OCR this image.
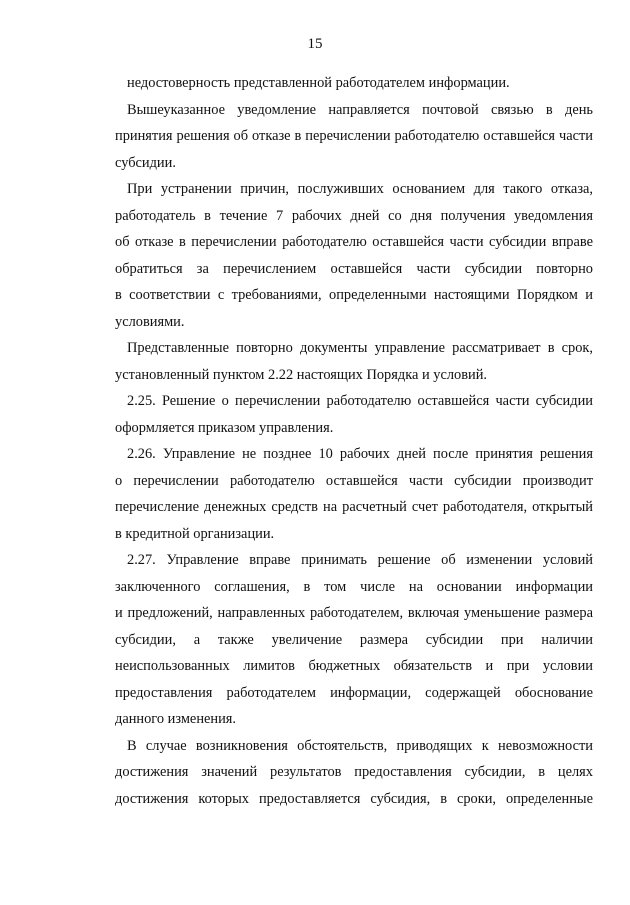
15
недостоверность представленной работодателем информации.
Вышеуказанное уведомление направляется почтовой связью в день
принятия решения об отказе в перечислении работодателю оставшейся части
субсидии.
При устранении причин, послуживших основанием для такого отказа,
работодатель в течение 7 рабочих дней со дня получения уведомления
об отказе в перечислении работодателю оставшейся части субсидии вправе
обратиться за перечислением оставшейся части субсидии повторно
в соответствии с требованиями, определенными настоящими Порядком и
условиями.
Представленные повторно документы управление рассматривает в срок,
установленный пунктом 2.22 настоящих Порядка и условий.
2.25. Решение о перечислении работодателю оставшейся части субсидии
оформляется приказом управления.
2.26. Управление не позднее 10 рабочих дней после принятия решения
о перечислении работодателю оставшейся части субсидии производит
перечисление денежных средств на расчетный счет работодателя, открытый
в кредитной организации.
2.27. Управление вправе принимать решение об изменении условий
заключенного соглашения, в том числе на основании информации
и предложений, направленных работодателем, включая уменьшение размера
субсидии, а также увеличение размера субсидии при наличии
неиспользованных лимитов бюджетных обязательств и при условии
предоставления работодателем информации, содержащей обоснование
данного изменения.
В случае возникновения обстоятельств, приводящих к невозможности
достижения значений результатов предоставления субсидии, в целях
достижения которых предоставляется субсидия, в сроки, определенные
